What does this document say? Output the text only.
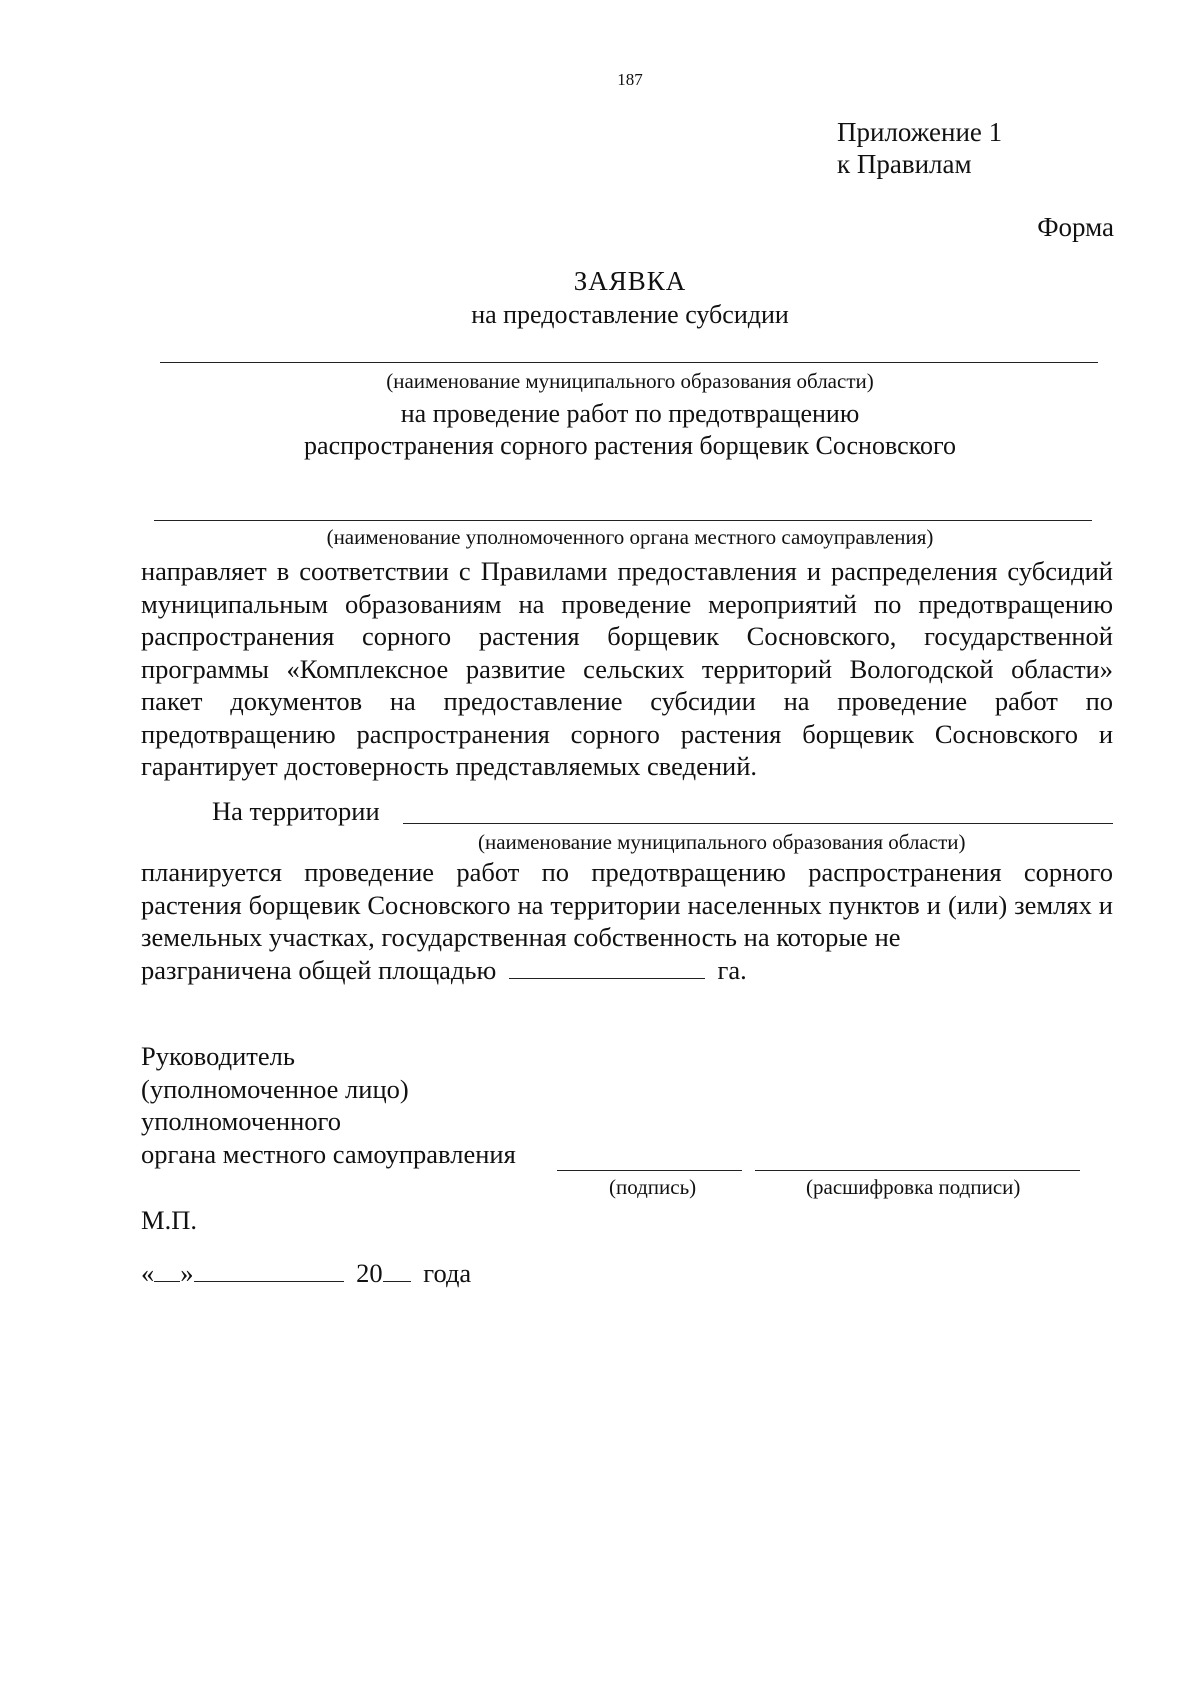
187
Приложение 1
к Правилам
Форма
ЗАЯВКА
на предоставление субсидии
(наименование муниципального образования области)
на проведение работ по предотвращению
распространения сорного растения борщевик Сосновского
(наименование уполномоченного органа местного самоуправления)
направляет в соответствии с Правилами предоставления и распределения субсидий муниципальным образованиям на проведение мероприятий по предотвращению распространения сорного растения борщевик Сосновского, государственной программы «Комплексное развитие сельских территорий Вологодской области» пакет документов на предоставление субсидии на проведение работ по предотвращению распространения сорного растения борщевик Сосновского и гарантирует достоверность представляемых сведений.
На территории
(наименование муниципального образования области)
планируется проведение работ по предотвращению распространения сорного растения борщевик Сосновского на территории населенных пунктов и (или) землях и земельных участках, государственная собственность на которые не
разграничена общей площадью	га.
Руководитель
(уполномоченное лицо)
уполномоченного
органа местного самоуправления
(подпись)	(расшифровка подписи)
М.П.
« »	20 года
